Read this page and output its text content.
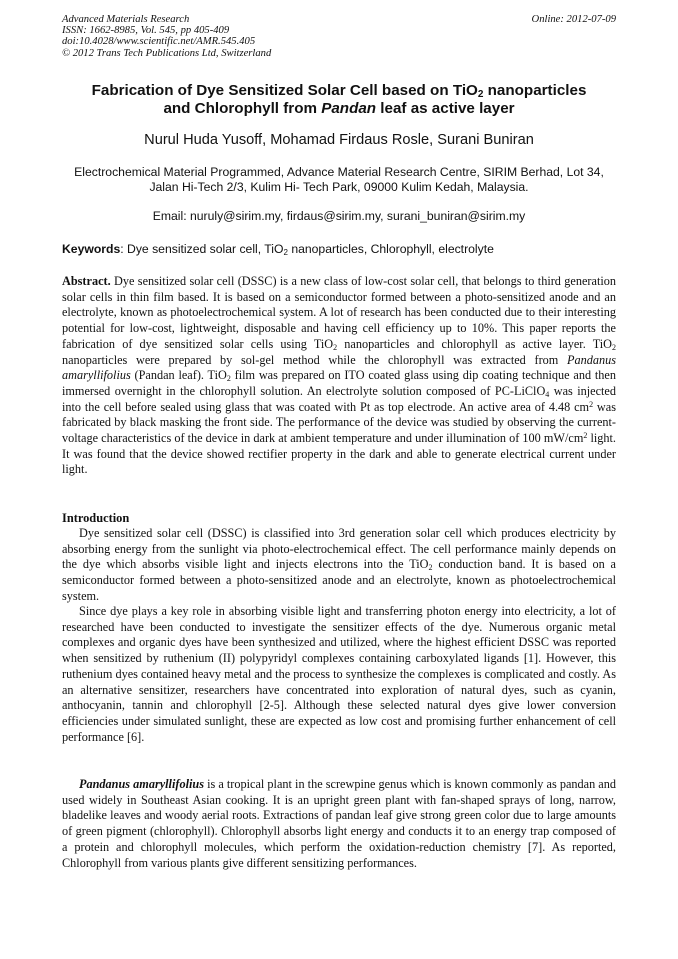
Advanced Materials Research
ISSN: 1662-8985, Vol. 545, pp 405-409
doi:10.4028/www.scientific.net/AMR.545.405
© 2012 Trans Tech Publications Ltd, Switzerland
Online: 2012-07-09
Fabrication of Dye Sensitized Solar Cell based on TiO$_2$ nanoparticles
and Chlorophyll from Pandan leaf as active layer
Nurul Huda Yusoff, Mohamad Firdaus Rosle, Surani Buniran
Electrochemical Material Programmed, Advance Material Research Centre, SIRIM Berhad, Lot 34,
Jalan Hi-Tech 2/3, Kulim Hi- Tech Park, 09000 Kulim Kedah, Malaysia.
Email: nuruly@sirim.my, firdaus@sirim.my, surani_buniran@sirim.my
Keywords: Dye sensitized solar cell, TiO$_2$ nanoparticles, Chlorophyll, electrolyte
Abstract. Dye sensitized solar cell (DSSC) is a new class of low-cost solar cell, that belongs to third generation solar cells in thin film based. It is based on a semiconductor formed between a photo-sensitized anode and an electrolyte, known as photoelectrochemical system. A lot of research has been conducted due to their interesting potential for low-cost, lightweight, disposable and having cell efficiency up to 10%. This paper reports the fabrication of dye sensitized solar cells using TiO$_2$ nanoparticles and chlorophyll as active layer. TiO$_2$ nanoparticles were prepared by sol-gel method while the chlorophyll was extracted from Pandanus amaryllifolius (Pandan leaf). TiO$_2$ film was prepared on ITO coated glass using dip coating technique and then immersed overnight in the chlorophyll solution. An electrolyte solution composed of PC-LiClO$_4$ was injected into the cell before sealed using glass that was coated with Pt as top electrode. An active area of 4.48 $cm^2$ was fabricated by black masking the front side. The performance of the device was studied by observing the current-voltage characteristics of the device in dark at ambient temperature and under illumination of 100 $mW/cm^2$ light. It was found that the device showed rectifier property in the dark and able to generate electrical current under light.
Introduction
Dye sensitized solar cell (DSSC) is classified into 3rd generation solar cell which produces electricity by absorbing energy from the sunlight via photo-electrochemical effect. The cell performance mainly depends on the dye which absorbs visible light and injects electrons into the TiO$_2$ conduction band. It is based on a semiconductor formed between a photo-sensitized anode and an electrolyte, known as photoelectrochemical system.
Since dye plays a key role in absorbing visible light and transferring photon energy into electricity, a lot of researched have been conducted to investigate the sensitizer effects of the dye. Numerous organic metal complexes and organic dyes have been synthesized and utilized, where the highest efficient DSSC was reported when sensitized by ruthenium (II) polypyridyl complexes containing carboxylated ligands [1]. However, this ruthenium dyes contained heavy metal and the process to synthesize the complexes is complicated and costly. As an alternative sensitizer, researchers have concentrated into exploration of natural dyes, such as cyanin, anthocyanin, tannin and chlorophyll [2-5]. Although these selected natural dyes give lower conversion efficiencies under simulated sunlight, these are expected as low cost and promising further enhancement of cell performance [6].
Pandanus amaryllifolius is a tropical plant in the screwpine genus which is known commonly as pandan and used widely in Southeast Asian cooking. It is an upright green plant with fan-shaped sprays of long, narrow, bladelike leaves and woody aerial roots. Extractions of pandan leaf give strong green color due to large amounts of green pigment (chlorophyll). Chlorophyll absorbs light energy and conducts it to an energy trap composed of a protein and chlorophyll molecules, which perform the oxidation-reduction chemistry [7]. As reported, Chlorophyll from various plants give different sensitizing performances.
